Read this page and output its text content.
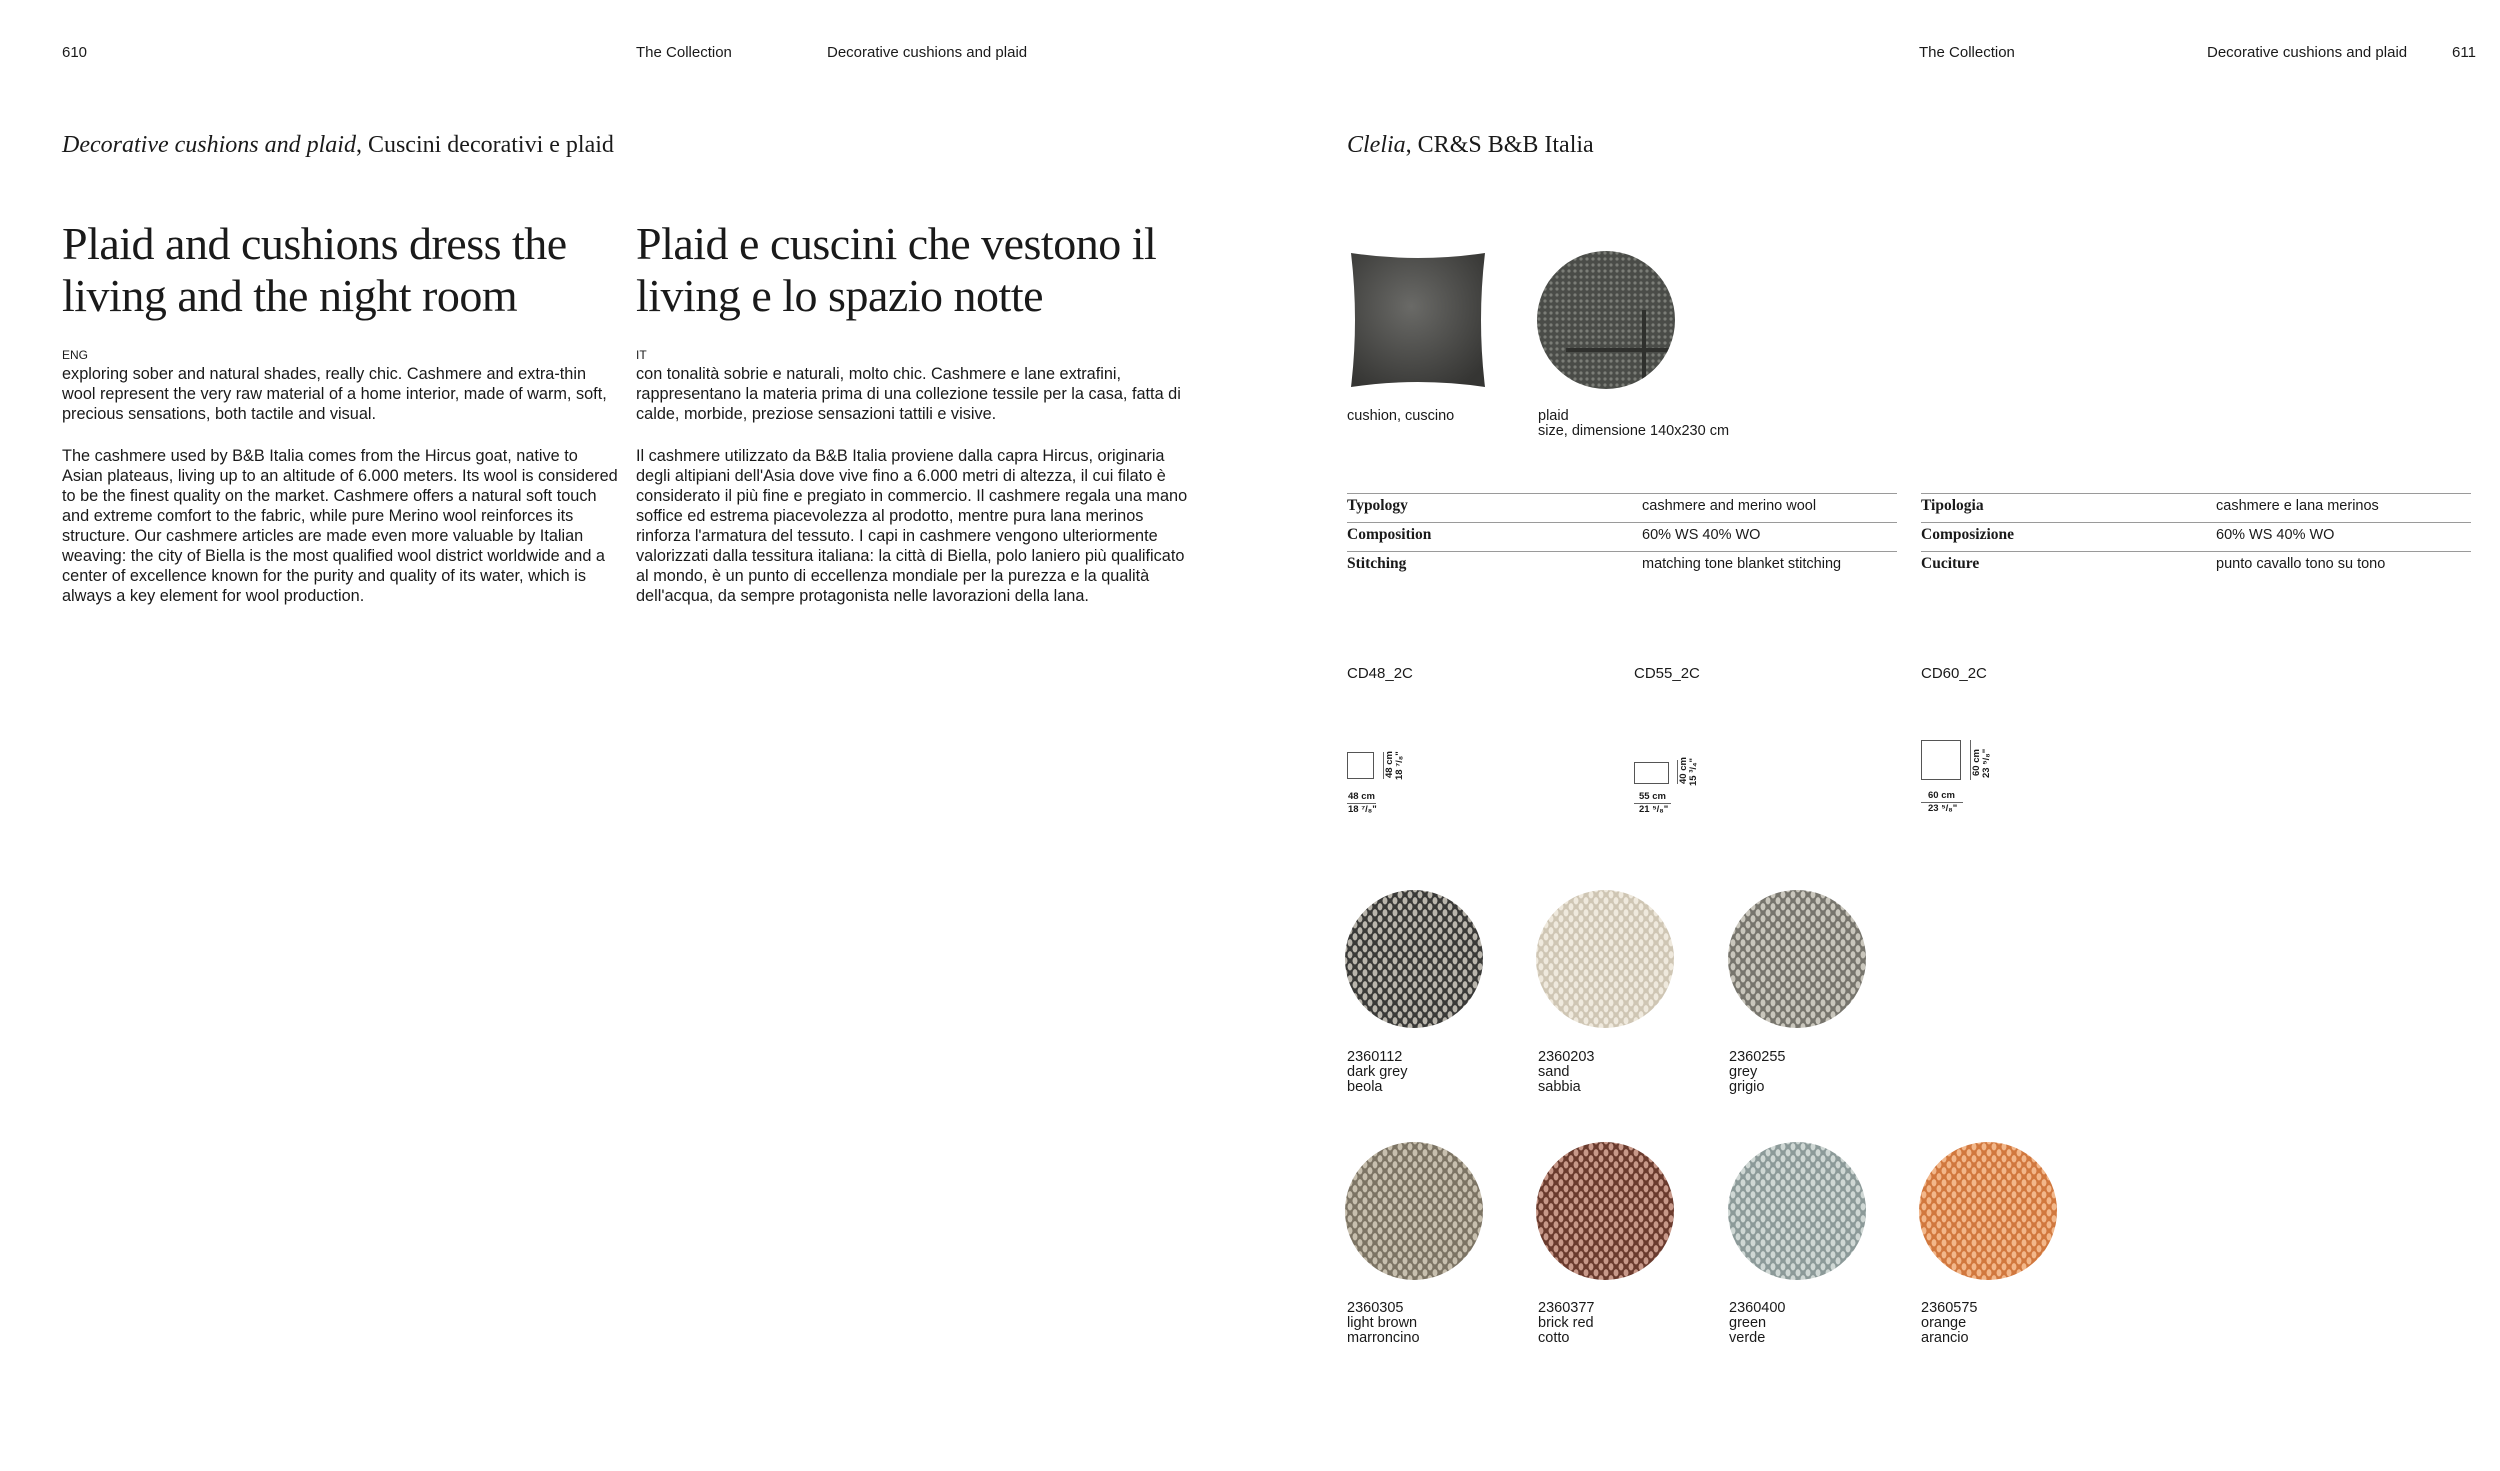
610	The Collection	Decorative cushions and plaid	The Collection	Decorative cushions and plaid	611
Decorative cushions and plaid, Cuscini decorativi e plaid
Plaid and cushions dress the living and the night room
Plaid e cuscini che vestono il living e lo spazio notte
ENG	IT
exploring sober and natural shades, really chic. Cashmere and extra-thin wool represent the very raw material of a home interior, made of warm, soft, precious sensations, both tactile and visual.
The cashmere used by B&B Italia comes from the Hircus goat, native to Asian plateaus, living up to an altitude of 6.000 meters. Its wool is considered to be the finest quality on the market. Cashmere offers a natural soft touch and extreme comfort to the fabric, while pure Merino wool reinforces its structure. Our cashmere articles are made even more valuable by Italian weaving: the city of Biella is the most qualified wool district worldwide and a center of excellence known for the purity and quality of its water, which is always a key element for wool production.
con tonalità sobrie e naturali, molto chic. Cashmere e lane extrafini, rappresentano la materia prima di una collezione tessile per la casa, fatta di calde, morbide, preziose sensazioni tattili e visive.
Il cashmere utilizzato da B&B Italia proviene dalla capra Hircus, originaria degli altipiani dell'Asia dove vive fino a 6.000 metri di altezza, il cui filato è considerato il più fine e pregiato in commercio. Il cashmere regala una mano soffice ed estrema piacevolezza al prodotto, mentre pura lana merinos rinforza l'armatura del tessuto. I capi in cashmere vengono ulteriormente valorizzati dalla tessitura italiana: la città di Biella, polo laniero più qualificato al mondo, è un punto di eccellenza mondiale per la purezza e la qualità dell'acqua, da sempre protagonista nelle lavorazioni della lana.
Clelia, CR&S B&B Italia
cushion, cuscino	plaid
size, dimensione 140x230 cm
Typology	cashmere and merino wool
Composition	60% WS 40% WO
Stitching	matching tone blanket stitching
Tipologia	cashmere e lana merinos
Composizione	60% WS 40% WO
Cuciture	punto cavallo tono su tono
CD48_2C	CD55_2C	CD60_2C
48 cm 18 ⁷/₈"
48 cm
18 ⁷/₈"
40 cm 15 ³/₄"
55 cm
21 ⁵/₈"
60 cm 23 ⁵/₈"
60 cm
23 ⁵/₈"
2360112
dark grey
beola
2360203
sand
sabbia
2360255
grey
grigio
2360305
light brown
marroncino
2360377
brick red
cotto
2360400
green
verde
2360575
orange
arancio
